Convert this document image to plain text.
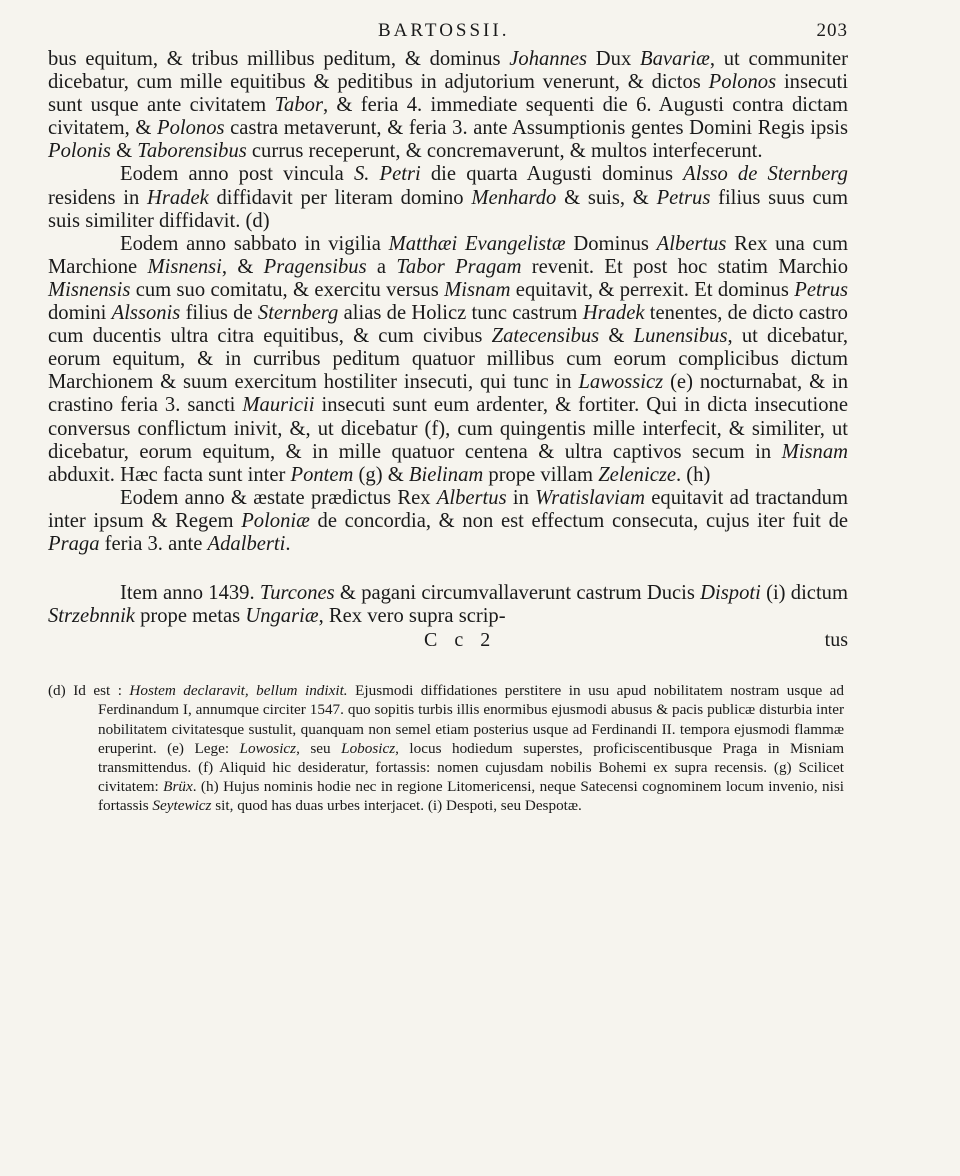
BARTOSSII.	203

bus equitum, & tribus millibus peditum, & dominus Johannes Dux Bavariæ, ut communiter dicebatur, cum mille equitibus & peditibus in adjutorium venerunt, & dictos Polonos insecuti sunt usque ante civitatem Tabor, & feria 4. immediate sequenti die 6. Augusti contra dictam civitatem, & Polonos castra metaverunt, & feria 3. ante Assumptionis gentes Domini Regis ipsis Polonis & Taborensibus currus receperunt, & concremaverunt, & multos interfecerunt.

Eodem anno post vincula S. Petri die quarta Augusti dominus Alsso de Sternberg residens in Hradek diffidavit per literam domino Menhardo & suis, & Petrus filius suus cum suis similiter diffidavit. (d)

Eodem anno sabbato in vigilia Matthæi Evangelistæ Dominus Albertus Rex una cum Marchione Misnensi, & Pragensibus a Tabor Pragam revenit. Et post hoc statim Marchio Misnensis cum suo comitatu, & exercitu versus Misnam equitavit, & perrexit. Et dominus Petrus domini Alssonis filius de Sternberg alias de Holicz tunc castrum Hradek tenentes, de dicto castro cum ducentis ultra citra equitibus, & cum civibus Zatecensibus & Lunensibus, ut dicebatur, eorum equitum, & in curribus peditum quatuor millibus cum eorum complicibus dictum Marchionem & suum exercitum hostiliter insecuti, qui tunc in Lawossicz (e) nocturnabat, & in crastino feria 3. sancti Mauricii insecuti sunt eum ardenter, & fortiter. Qui in dicta insecutione conversus conflictum inivit, &, ut dicebatur (f), cum quingentis mille interfecit, & similiter, ut dicebatur, eorum equitum, & in mille quatuor centena & ultra captivos secum in Misnam abduxit. Hæc facta sunt inter Pontem (g) & Bielinam prope villam Zelenicze. (h)

Eodem anno & æstate prædictus Rex Albertus in Wratislaviam equitavit ad tractandum inter ipsum & Regem Poloniæ de concordia, & non est effectum consecuta, cujus iter fuit de Praga feria 3. ante Adalberti.

Item anno 1439. Turcones & pagani circumvallaverunt castrum Ducis Dispoti (i) dictum Strzebnnik prope metas Ungariæ, Rex vero supra scrip-

C c 2	tus

(d) Id est : Hostem declaravit, bellum indixit. Ejusmodi diffidationes perstitere in usu apud nobilitatem nostram usque ad Ferdinandum I, annumque circiter 1547. quo sopitis turbis illis enormibus ejusmodi abusus & pacis publicæ disturbia inter nobilitatem civitatesque sustulit, quanquam non semel etiam posterius usque ad Ferdinandi II. tempora ejusmodi flammæ eruperint. (e) Lege: Lowosicz, seu Lobosicz, locus hodiedum superstes, proficiscentibusque Praga in Misniam transmittendus. (f) Aliquid hic desideratur, fortassis: nomen cujusdam nobilis Bohemi ex supra recensis. (g) Scilicet civitatem: Brüx. (h) Hujus nominis hodie nec in regione Litomericensi, neque Satecensi cognominem locum invenio, nisi fortassis Seytewicz sit, quod has duas urbes interjacet. (i) Despoti, seu Despotæ.
